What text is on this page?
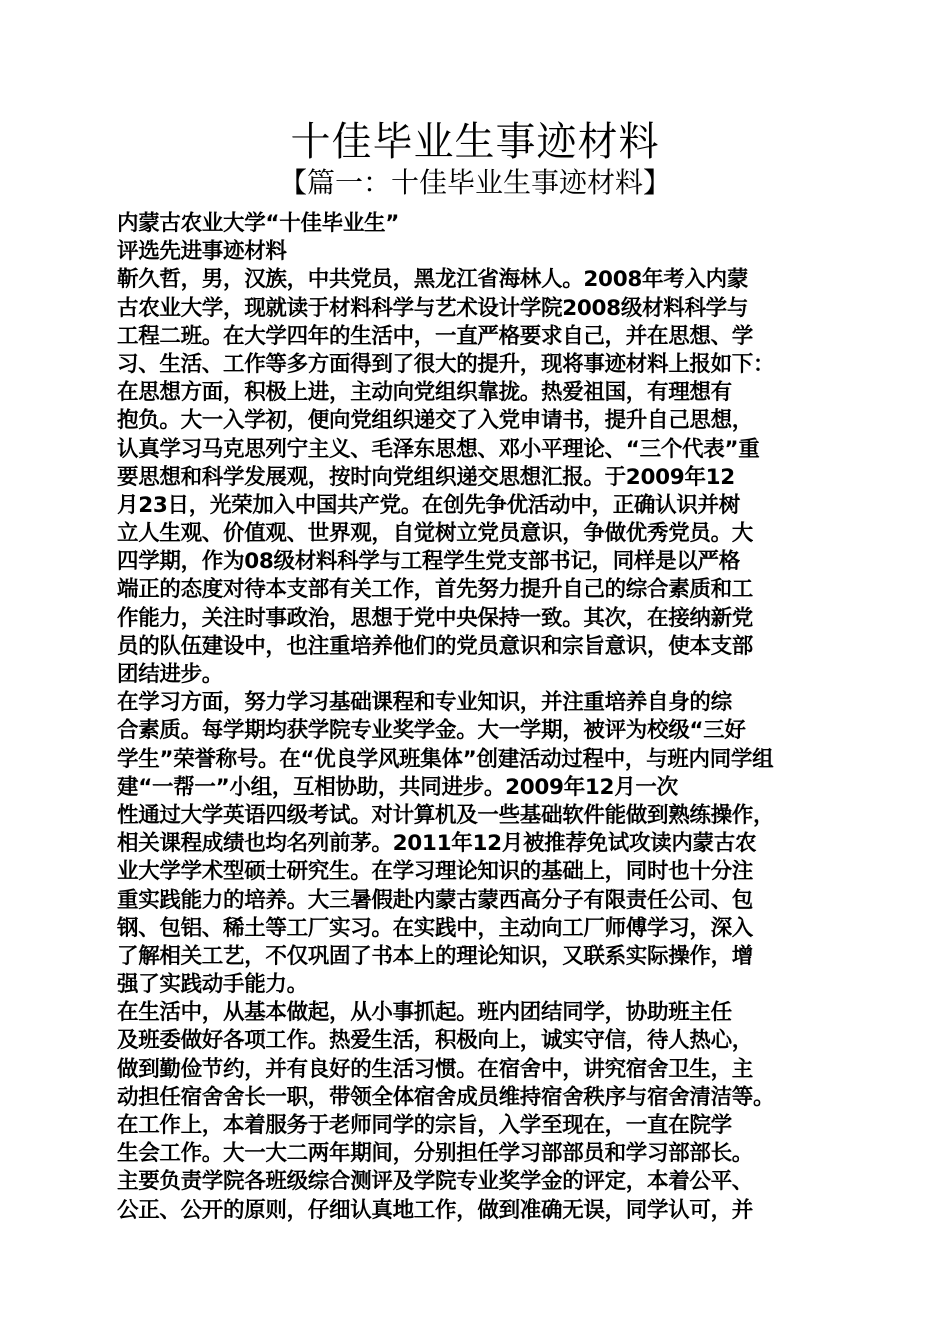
十佳毕业生事迹材料
【篇一：十佳毕业生事迹材料】
内蒙古农业大学“十佳毕业生”
评选先进事迹材料
靳久哲，男，汉族，中共党员，黑龙江省海林人。2008年考入内蒙
古农业大学，现就读于材料科学与艺术设计学院2008级材料科学与
工程二班。在大学四年的生活中，一直严格要求自己，并在思想、学
习、生活、工作等多方面得到了很大的提升，现将事迹材料上报如下：
在思想方面，积极上进，主动向党组织靠拢。热爱祖国，有理想有
抱负。大一入学初，便向党组织递交了入党申请书，提升自己思想，
认真学习马克思列宁主义、毛泽东思想、邓小平理论、“三个代表”重
要思想和科学发展观，按时向党组织递交思想汇报。于2009年12
月23日，光荣加入中国共产党。在创先争优活动中，正确认识并树
立人生观、价值观、世界观，自觉树立党员意识，争做优秀党员。大
四学期，作为08级材料科学与工程学生党支部书记，同样是以严格
端正的态度对待本支部有关工作，首先努力提升自己的综合素质和工
作能力，关注时事政治，思想于党中央保持一致。其次，在接纳新党
员的队伍建设中，也注重培养他们的党员意识和宗旨意识，使本支部
团结进步。
在学习方面，努力学习基础课程和专业知识，并注重培养自身的综
合素质。每学期均获学院专业奖学金。大一学期，被评为校级“三好
学生”荣誉称号。在“优良学风班集体”创建活动过程中，与班内同学组
建“一帮一”小组，互相协助，共同进步。2009年12月一次
性通过大学英语四级考试。对计算机及一些基础软件能做到熟练操作，
相关课程成绩也均名列前茅。2011年12月被推荐免试攻读内蒙古农
业大学学术型硕士研究生。在学习理论知识的基础上，同时也十分注
重实践能力的培养。大三暑假赴内蒙古蒙西高分子有限责任公司、包
钢、包铝、稀土等工厂实习。在实践中，主动向工厂师傅学习，深入
了解相关工艺，不仅巩固了书本上的理论知识，又联系实际操作，增
强了实践动手能力。
在生活中，从基本做起，从小事抓起。班内团结同学，协助班主任
及班委做好各项工作。热爱生活，积极向上，诚实守信，待人热心，
做到勤俭节约，并有良好的生活习惯。在宿舍中，讲究宿舍卫生，主
动担任宿舍舍长一职，带领全体宿舍成员维持宿舍秩序与宿舍清洁等。
在工作上，本着服务于老师同学的宗旨，入学至现在，一直在院学
生会工作。大一大二两年期间，分别担任学习部部员和学习部部长。
主要负责学院各班级综合测评及学院专业奖学金的评定，本着公平、
公正、公开的原则，仔细认真地工作，做到准确无误，同学认可，并
